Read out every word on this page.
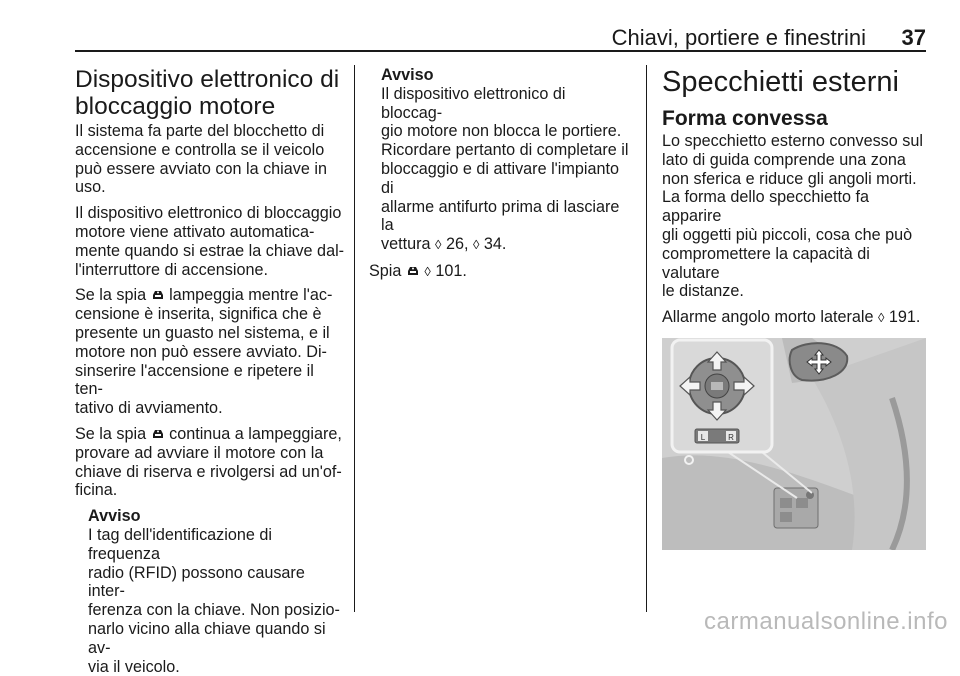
Chiavi, portiere e finestrini 37
Dispositivo elettronico di
bloccaggio motore

Il sistema fa parte del blocchetto di

accensione e controlla se il veicolo

può essere avviato con la chiave in

uso.

Il dispositivo elettronico di bloccaggio

motore viene attivato automatica-

mente quando si estrae la chiave dal-

l'interruttore di accensione.

Se la spia lampeggia mentre l'ac-

censione è inserita, significa che è

presente un guasto nel sistema, e il

motore non può essere avviato. Di-

sinserire l'accensione e ripetere il ten-

tativo di avviamento.

Se la spia continua a lampeggiare,

provare ad avviare il motore con la

chiave di riserva e rivolgersi ad un'of-

ficina.

Avviso

I tag dell'identificazione di frequenza

radio (RFID) possono causare inter-

ferenza con la chiave. Non posizio-

narlo vicino alla chiave quando si av-

via il veicolo.

Avviso

Il dispositivo elettronico di bloccag-

gio motore non blocca le portiere.

Ricordare pertanto di completare il

bloccaggio e di attivare l'impianto di

allarme antifurto prima di lasciare la

vettura ◊ 26, ◊ 34.

Spia ◊ 101.

Specchietti esterni
Forma convessa

Lo specchietto esterno convesso sul

lato di guida comprende una zona

non sferica e riduce gli angoli morti.

La forma dello specchietto fa apparire

gli oggetti più piccoli, cosa che può

compromettere la capacità di valutare

le distanze.

Allarme angolo morto laterale ◊ 191.

L	R
carmanualsonline.info
